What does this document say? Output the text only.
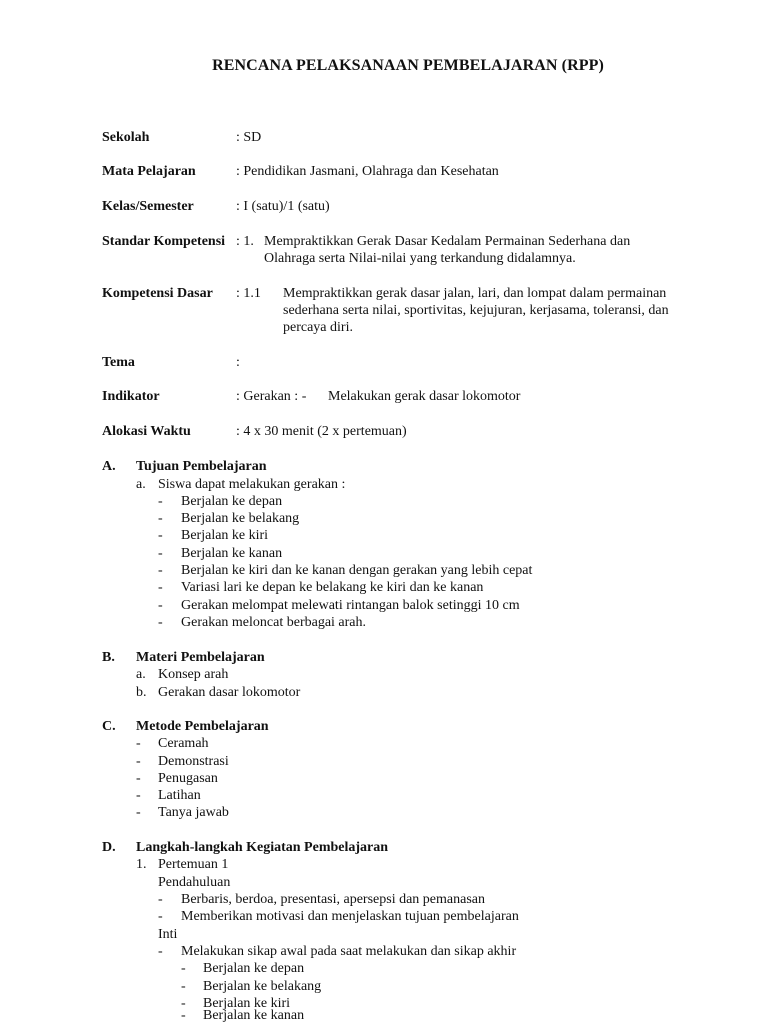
RENCANA PELAKSANAAN PEMBELAJARAN (RPP)
Sekolah	: SD
Mata Pelajaran	: Pendidikan Jasmani, Olahraga dan Kesehatan
Kelas/Semester	: I (satu)/1 (satu)
Standar Kompetensi : 1. Mempraktikkan Gerak Dasar Kedalam Permainan Sederhana dan
Olahraga serta Nilai-nilai yang terkandung didalamnya.
Kompetensi Dasar : 1.1 Mempraktikkan gerak dasar jalan, lari, dan lompat dalam permainan
sederhana serta nilai, sportivitas, kejujuran, kerjasama, toleransi, dan
percaya diri.
Tema	:
Indikator	: Gerakan : - Melakukan gerak dasar lokomotor
Alokasi Waktu	: 4 x 30 menit (2 x pertemuan)
A. Tujuan Pembelajaran
a. Siswa dapat melakukan gerakan :
- Berjalan ke depan
- Berjalan ke belakang
- Berjalan ke kiri
- Berjalan ke kanan
- Berjalan ke kiri dan ke kanan dengan gerakan yang lebih cepat
- Variasi lari ke depan ke belakang ke kiri dan ke kanan
- Gerakan melompat melewati rintangan balok setinggi 10 cm
- Gerakan meloncat berbagai arah.
B. Materi Pembelajaran
a. Konsep arah
b. Gerakan dasar lokomotor
C. Metode Pembelajaran
- Ceramah
- Demonstrasi
- Penugasan
- Latihan
- Tanya jawab
D. Langkah-langkah Kegiatan Pembelajaran
1. Pertemuan 1
Pendahuluan
- Berbaris, berdoa, presentasi, apersepsi dan pemanasan
- Memberikan motivasi dan menjelaskan tujuan pembelajaran
Inti
- Melakukan sikap awal pada saat melakukan dan sikap akhir
- Berjalan ke depan
- Berjalan ke belakang
- Berjalan ke kiri
- Berjalan ke kanan
